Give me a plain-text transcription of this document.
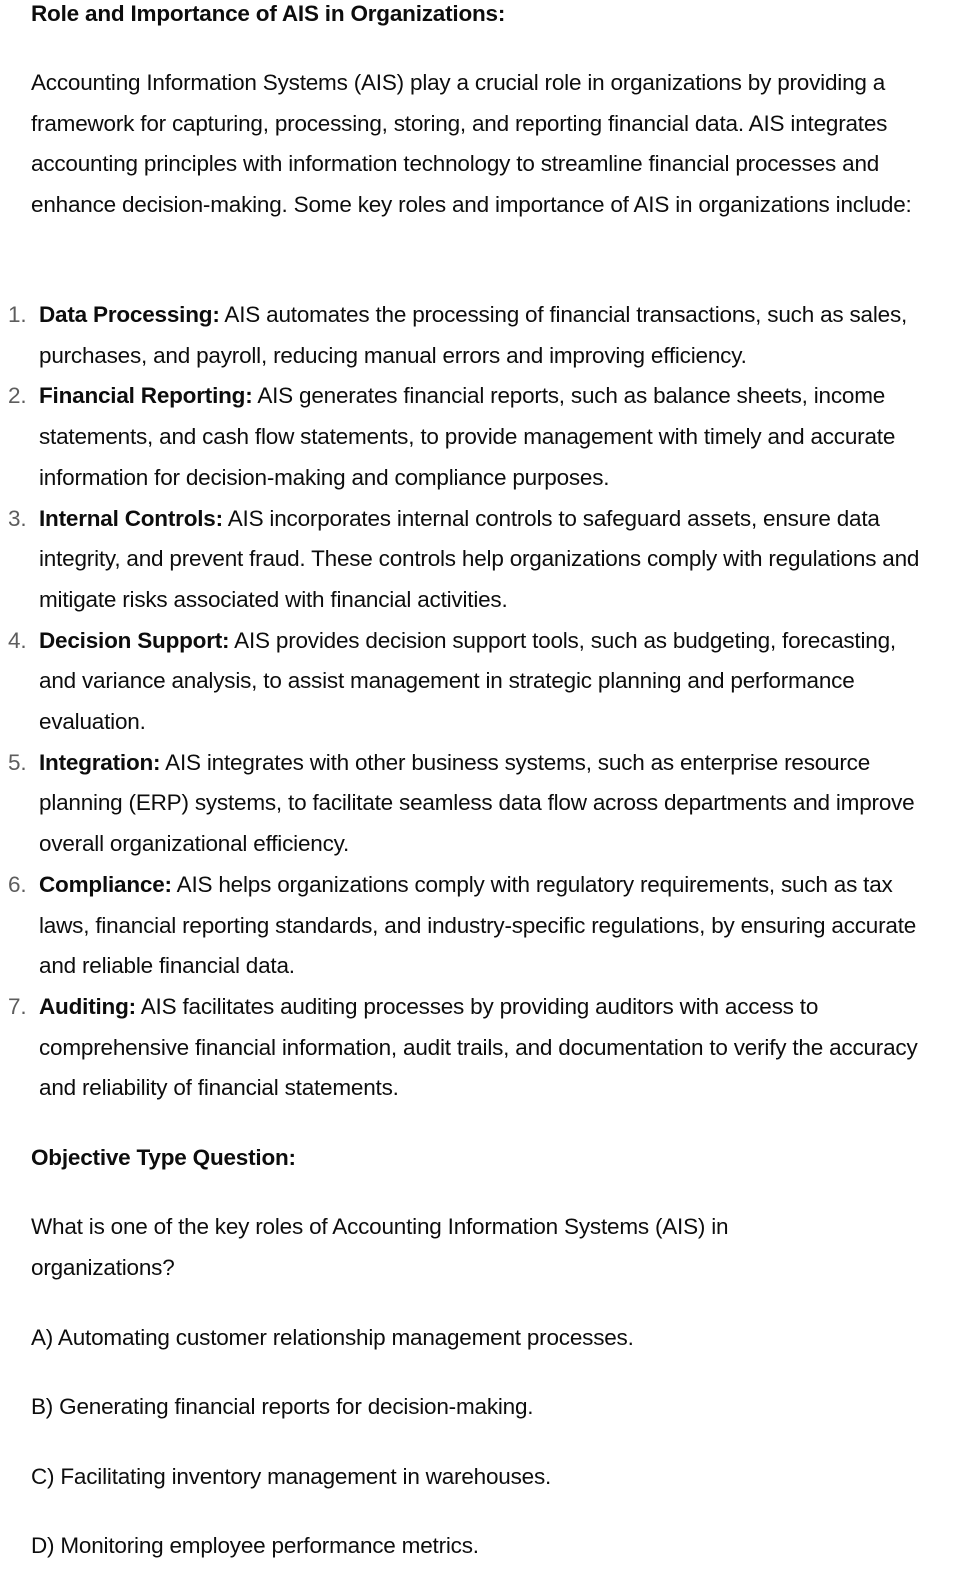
Role and Importance of AIS in Organizations:

Accounting Information Systems (AIS) play a crucial role in organizations by providing a framework for capturing, processing, storing, and reporting financial data. AIS integrates accounting principles with information technology to streamline financial processes and enhance decision-making. Some key roles and importance of AIS in organizations include:

1. Data Processing: AIS automates the processing of financial transactions, such as sales, purchases, and payroll, reducing manual errors and improving efficiency.
2. Financial Reporting: AIS generates financial reports, such as balance sheets, income statements, and cash flow statements, to provide management with timely and accurate information for decision-making and compliance purposes.
3. Internal Controls: AIS incorporates internal controls to safeguard assets, ensure data integrity, and prevent fraud. These controls help organizations comply with regulations and mitigate risks associated with financial activities.
4. Decision Support: AIS provides decision support tools, such as budgeting, forecasting, and variance analysis, to assist management in strategic planning and performance evaluation.
5. Integration: AIS integrates with other business systems, such as enterprise resource planning (ERP) systems, to facilitate seamless data flow across departments and improve overall organizational efficiency.
6. Compliance: AIS helps organizations comply with regulatory requirements, such as tax laws, financial reporting standards, and industry-specific regulations, by ensuring accurate and reliable financial data.
7. Auditing: AIS facilitates auditing processes by providing auditors with access to comprehensive financial information, audit trails, and documentation to verify the accuracy and reliability of financial statements.

Objective Type Question:

What is one of the key roles of Accounting Information Systems (AIS) in organizations?

A) Automating customer relationship management processes.

B) Generating financial reports for decision-making.

C) Facilitating inventory management in warehouses.

D) Monitoring employee performance metrics.
